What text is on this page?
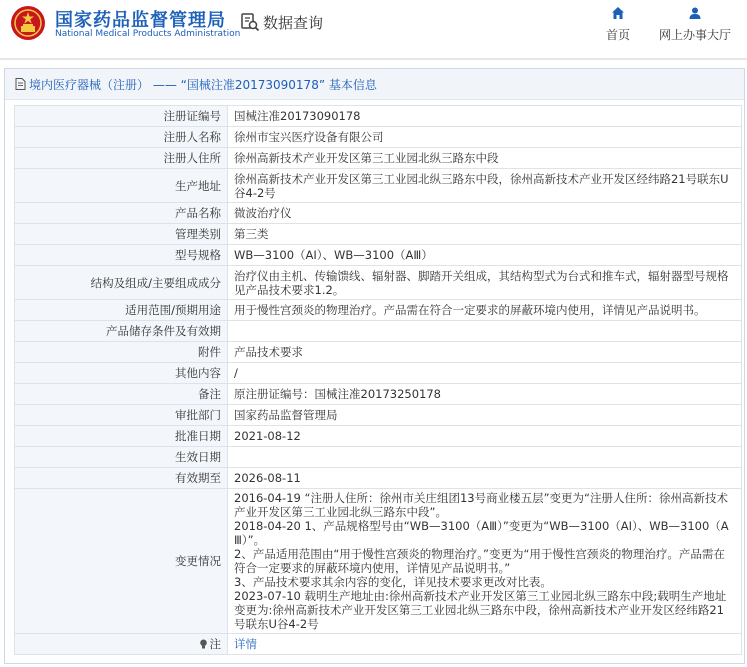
国家药品监督管理局
National Medical Products Administration
数据查询
首页	网上办事大厅
境内医疗器械（注册） —— “国械注准20173090178” 基本信息
注册证编号	国械注准20173090178
注册人名称	徐州市宝兴医疗设备有限公司
注册人住所	徐州高新技术产业开发区第三工业园北纵三路东中段
生产地址	徐州高新技术产业开发区第三工业园北纵三路东中段，徐州高新技术产业开发区经纬路21号联东U谷4-2号
产品名称	微波治疗仪
管理类别	第三类
型号规格	WB—3100（AⅠ）、WB—3100（AⅢ）
结构及组成/主要组成成分	治疗仪由主机、传输馈线、辐射器、脚踏开关组成，其结构型式为台式和推车式，辐射器型号规格见产品技术要求1.2。
适用范围/预期用途	用于慢性宫颈炎的物理治疗。产品需在符合一定要求的屏蔽环境内使用，详情见产品说明书。
产品储存条件及有效期	
附件	产品技术要求
其他内容	/
备注	原注册证编号：国械注准20173250178
审批部门	国家药品监督管理局
批准日期	2021-08-12
生效日期	
有效期至	2026-08-11
变更情况	2016-04-19 “注册人住所：徐州市关庄组团13号商业楼五层”变更为“注册人住所：徐州高新技术产业开发区第三工业园北纵三路东中段”。
2018-04-20 1、产品规格型号由“WB—3100（AⅢ）”变更为“WB—3100（AⅠ）、WB—3100（AⅢ）”。
2、产品适用范围由“用于慢性宫颈炎的物理治疗。”变更为“用于慢性宫颈炎的物理治疗。产品需在符合一定要求的屏蔽环境内使用，详情见产品说明书。”
3、产品技术要求其余内容的变化，详见技术要求更改对比表。
2023-07-10 载明生产地址由:徐州高新技术产业开发区第三工业园北纵三路东中段;载明生产地址变更为:徐州高新技术产业开发区第三工业园北纵三路东中段，徐州高新技术产业开发区经纬路21号联东U谷4-2号

注	详情
